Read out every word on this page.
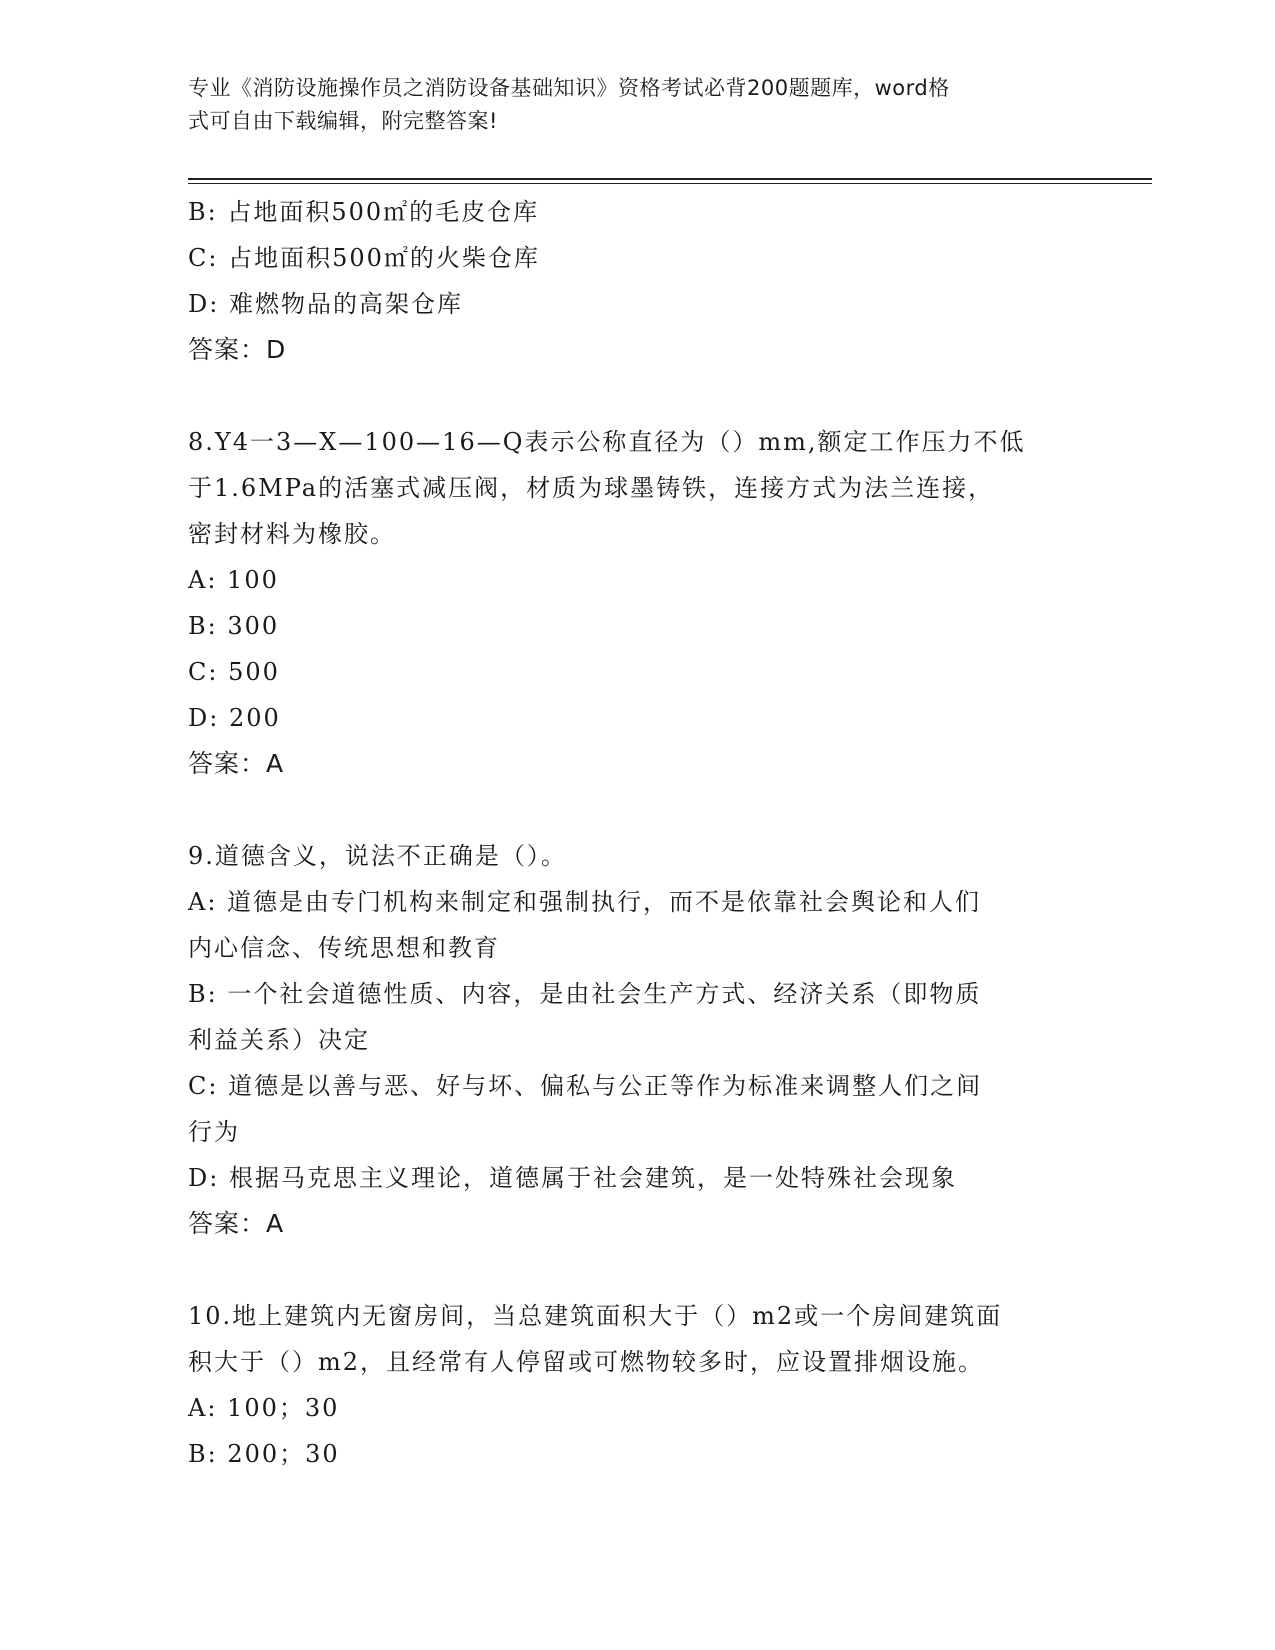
专业《消防设施操作员之消防设备基础知识》资格考试必背200题题库，word格
式可自由下载编辑，附完整答案!
B: 占地面积500㎡的毛皮仓库
C: 占地面积500㎡的火柴仓库
D: 难燃物品的高架仓库
答案：D
8.Y4一3—X—100—16—Q表示公称直径为（）mm,额定工作压力不低
于1.6MPa的活塞式减压阀，材质为球墨铸铁，连接方式为法兰连接，
密封材料为橡胶。
A: 100
B: 300
C: 500
D: 200
答案：A
9.道德含义，说法不正确是（）。
A: 道德是由专门机构来制定和强制执行，而不是依靠社会舆论和人们
内心信念、传统思想和教育
B: 一个社会道德性质、内容，是由社会生产方式、经济关系（即物质
利益关系）决定
C: 道德是以善与恶、好与坏、偏私与公正等作为标准来调整人们之间
行为
D: 根据马克思主义理论，道德属于社会建筑，是一处特殊社会现象
答案：A
10.地上建筑内无窗房间，当总建筑面积大于（）m2或一个房间建筑面
积大于（）m2，且经常有人停留或可燃物较多时，应设置排烟设施。
A: 100；30
B: 200；30
